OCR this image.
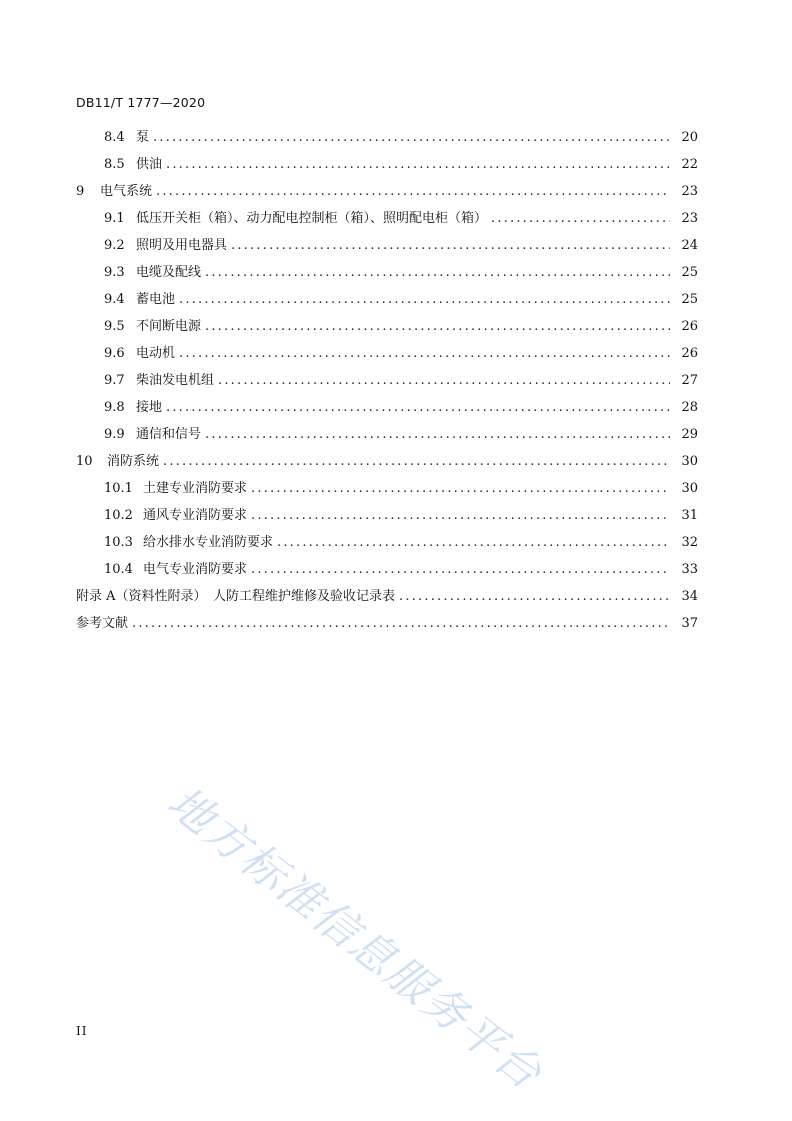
DB11/T 1777—2020
8.4 泵 .....	20
8.5 供油 .....	22
9	电气系统 .....	23
9.1 低压开关柜（箱）、动力配电控制柜（箱）、照明配电柜（箱） .....	23
9.2 照明及用电器具 .....	24
9.3 电缆及配线 .....	25
9.4 蓄电池 .....	25
9.5 不间断电源 .....	26
9.6 电动机 .....	26
9.7 柴油发电机组 .....	27
9.8 接地 .....	28
9.9 通信和信号 .....	29
10	消防系统 .....	30
10.1 土建专业消防要求 .....	30
10.2 通风专业消防要求 .....	31
10.3 给水排水专业消防要求 .....	32
10.4 电气专业消防要求 .....	33
附录 A（资料性附录）　人防工程维护维修及验收记录表 .....	34
参考文献 .....	37
地方标准信息服务平台
II
